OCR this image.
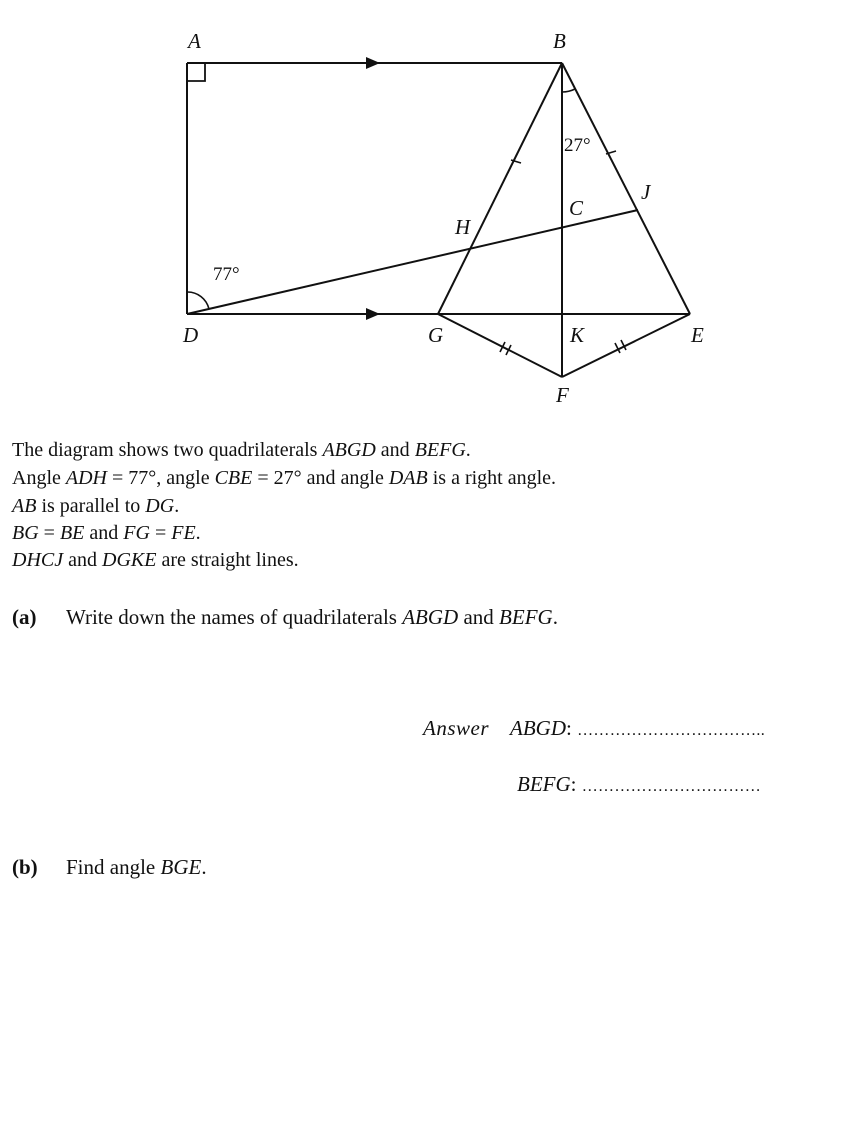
A	B
C
D	E
F
G
H
J
K
77°
27°
The diagram shows two quadrilaterals ABGD and BEFG.
Angle ADH = 77°, angle CBE = 27° and angle DAB is a right angle.
AB is parallel to DG.
BG = BE and FG = FE.
DHCJ and DGKE are straight lines.
(a) Write down the names of quadrilaterals ABGD and BEFG.
Answer ABGD: ……………………………..
BEFG: ……………………………
(b) Find angle BGE.
